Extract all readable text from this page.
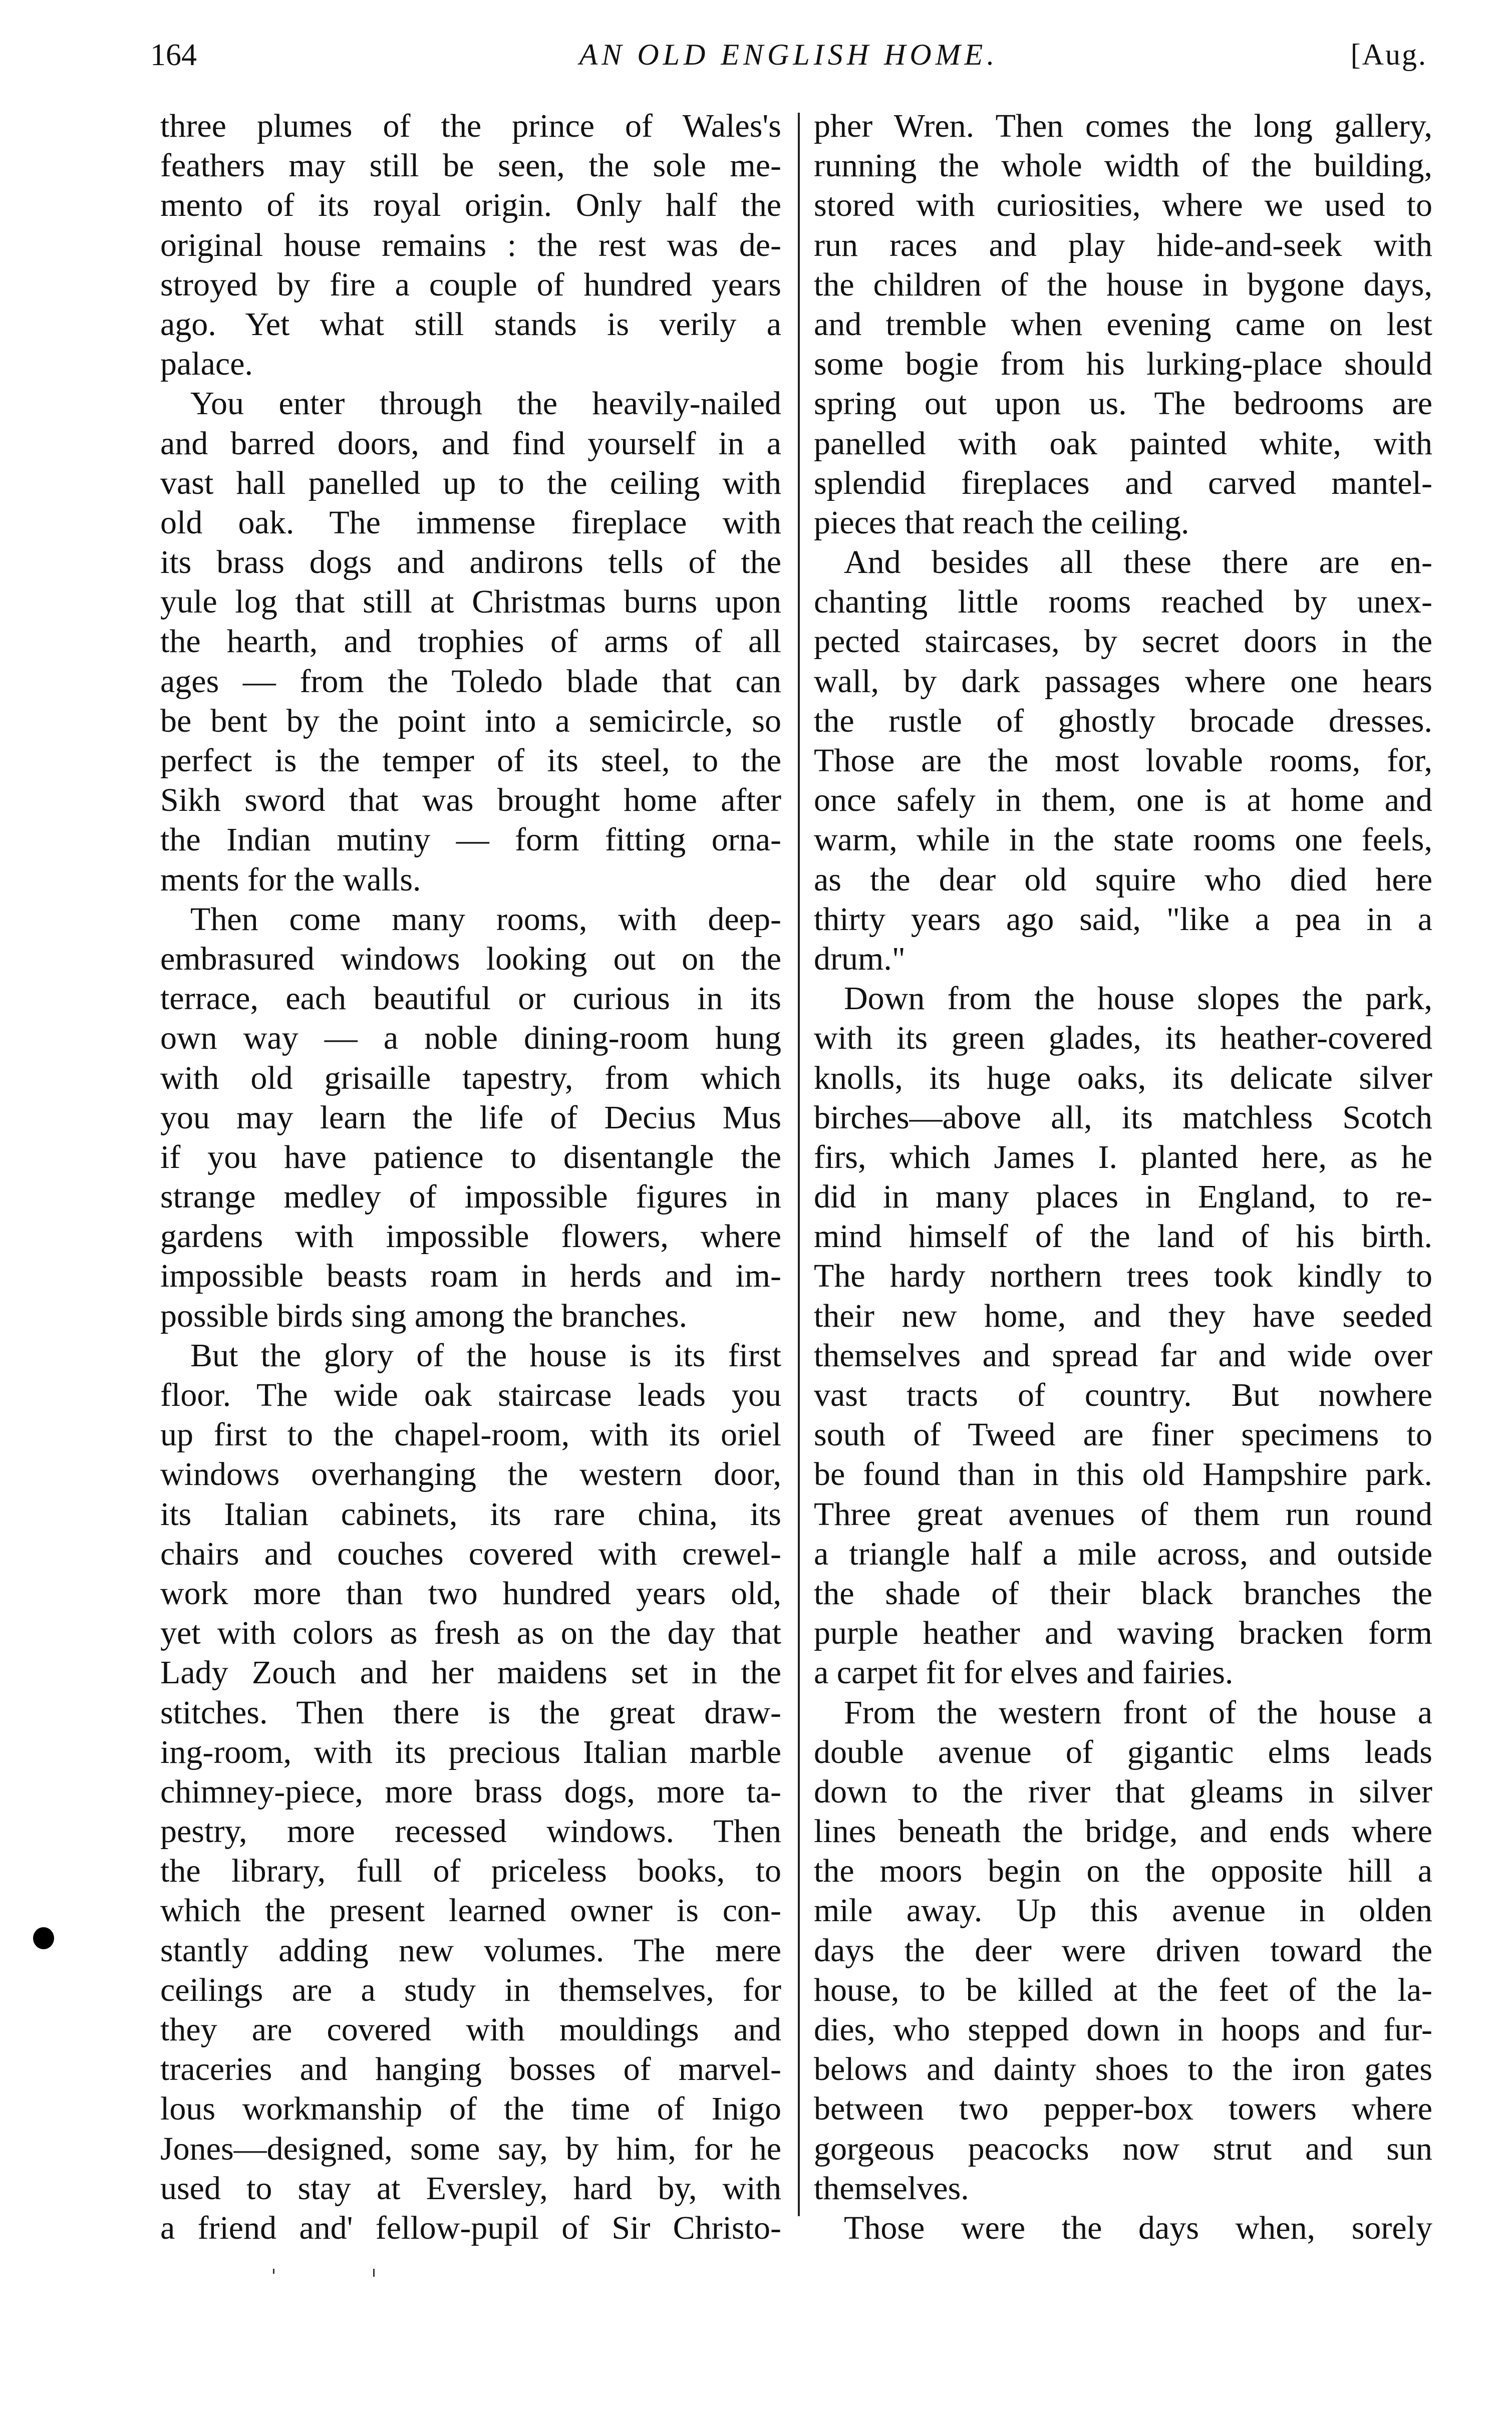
164	AN OLD ENGLISH HOME.	[Aug.
three plumes of the prince of Wales's
feathers may still be seen, the sole me-
mento of its royal origin. Only half the
original house remains : the rest was de-
stroyed by fire a couple of hundred years
ago. Yet what still stands is verily a
palace.
You enter through the heavily-nailed
and barred doors, and find yourself in a
vast hall panelled up to the ceiling with
old oak. The immense fireplace with
its brass dogs and andirons tells of the
yule log that still at Christmas burns upon
the hearth, and trophies of arms of all
ages — from the Toledo blade that can
be bent by the point into a semicircle, so
perfect is the temper of its steel, to the
Sikh sword that was brought home after
the Indian mutiny — form fitting orna-
ments for the walls.
Then come many rooms, with deep-
embrasured windows looking out on the
terrace, each beautiful or curious in its
own way — a noble dining-room hung
with old grisaille tapestry, from which
you may learn the life of Decius Mus
if you have patience to disentangle the
strange medley of impossible figures in
gardens with impossible flowers, where
impossible beasts roam in herds and im-
possible birds sing among the branches.
But the glory of the house is its first
floor. The wide oak staircase leads you
up first to the chapel-room, with its oriel
windows overhanging the western door,
its Italian cabinets, its rare china, its
chairs and couches covered with crewel-
work more than two hundred years old,
yet with colors as fresh as on the day that
Lady Zouch and her maidens set in the
stitches. Then there is the great draw-
ing-room, with its precious Italian marble
chimney-piece, more brass dogs, more ta-
pestry, more recessed windows. Then
the library, full of priceless books, to
which the present learned owner is con-
stantly adding new volumes. The mere
ceilings are a study in themselves, for
they are covered with mouldings and
traceries and hanging bosses of marvel-
lous workmanship of the time of Inigo
Jones—designed, some say, by him, for he
used to stay at Eversley, hard by, with
a friend and' fellow-pupil of Sir Christo-
pher Wren. Then comes the long gallery,
running the whole width of the building,
stored with curiosities, where we used to
run races and play hide-and-seek with
the children of the house in bygone days,
and tremble when evening came on lest
some bogie from his lurking-place should
spring out upon us. The bedrooms are
panelled with oak painted white, with
splendid fireplaces and carved mantel-
pieces that reach the ceiling.
And besides all these there are en-
chanting little rooms reached by unex-
pected staircases, by secret doors in the
wall, by dark passages where one hears
the rustle of ghostly brocade dresses.
Those are the most lovable rooms, for,
once safely in them, one is at home and
warm, while in the state rooms one feels,
as the dear old squire who died here
thirty years ago said, "like a pea in a
drum."
Down from the house slopes the park,
with its green glades, its heather-covered
knolls, its huge oaks, its delicate silver
birches—above all, its matchless Scotch
firs, which James I. planted here, as he
did in many places in England, to re-
mind himself of the land of his birth.
The hardy northern trees took kindly to
their new home, and they have seeded
themselves and spread far and wide over
vast tracts of country. But nowhere
south of Tweed are finer specimens to
be found than in this old Hampshire park.
Three great avenues of them run round
a triangle half a mile across, and outside
the shade of their black branches the
purple heather and waving bracken form
a carpet fit for elves and fairies.
From the western front of the house a
double avenue of gigantic elms leads
down to the river that gleams in silver
lines beneath the bridge, and ends where
the moors begin on the opposite hill a
mile away. Up this avenue in olden
days the deer were driven toward the
house, to be killed at the feet of the la-
dies, who stepped down in hoops and fur-
belows and dainty shoes to the iron gates
between two pepper-box towers where
gorgeous peacocks now strut and sun
themselves.
Those were the days when, sorely
